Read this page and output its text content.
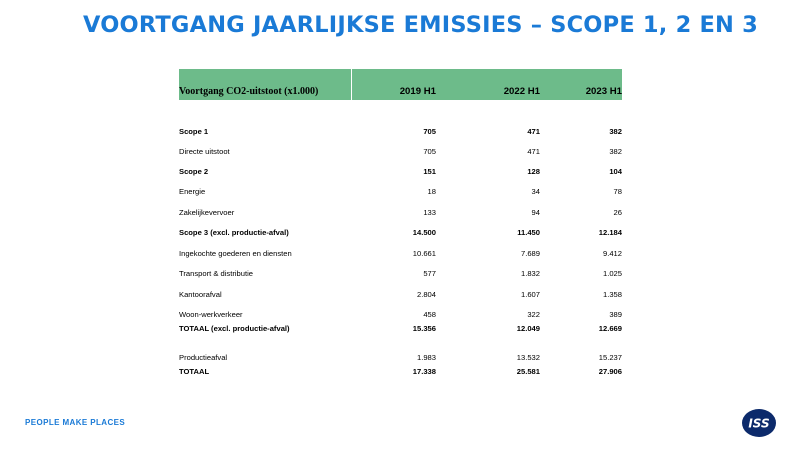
VOORTGANG JAARLIJKSE EMISSIES – SCOPE 1, 2 EN 3
Voortgang CO2-uitstoot (x1.000)	2019 H1	2022 H1	2023 H1
Scope 1	705	471	382
Directe uitstoot	705	471	382
Scope 2	151	128	104
Energie	18	34	78
Zakelijkevervoer	133	94	26
Scope 3 (excl. productie-afval)	14.500	11.450	12.184
Ingekochte goederen en diensten	10.661	7.689	9.412
Transport & distributie	577	1.832	1.025
Kantoorafval	2.804	1.607	1.358
Woon-werkverkeer	458	322	389
TOTAAL (excl. productie-afval)	15.356	12.049	12.669
Productieafval	1.983	13.532	15.237
TOTAAL	17.338	25.581	27.906
PEOPLE MAKE PLACES	ISS
